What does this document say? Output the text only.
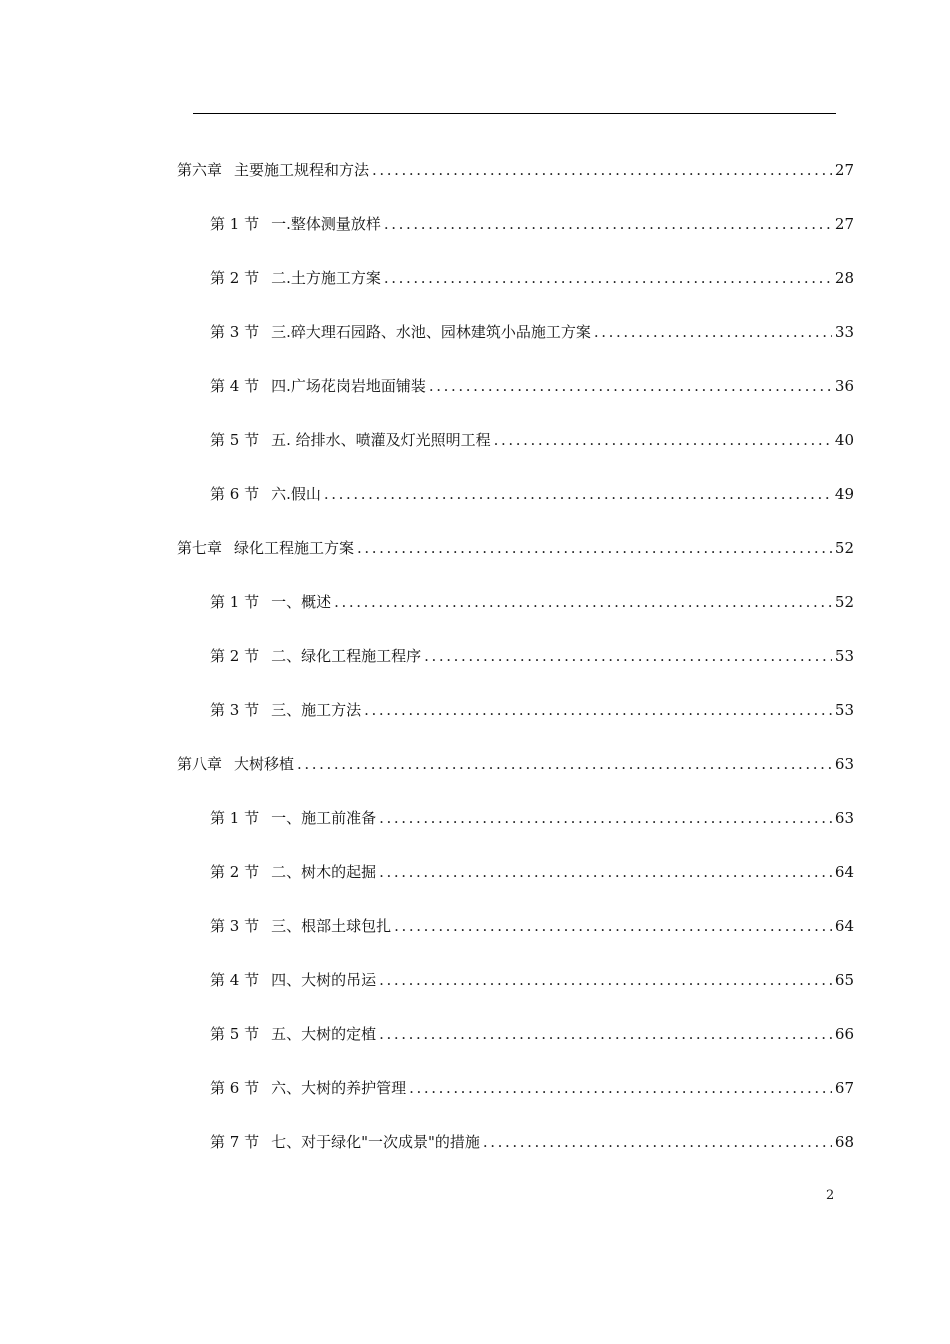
第六章 主要施工规程和方法 .....	27
第 1 节 一.整体测量放样 .....	27
第 2 节 二.土方施工方案 .....	28
第 3 节 三.碎大理石园路、水池、园林建筑小品施工方案 .....	33
第 4 节 四.广场花岗岩地面铺装 .....	36
第 5 节 五. 给排水、喷灌及灯光照明工程 .....	40
第 6 节 六.假山 .....	49
第七章 绿化工程施工方案 .....	52
第 1 节 一、概述 .....	52
第 2 节 二、绿化工程施工程序 .....	53
第 3 节 三、施工方法 .....	53
第八章 大树移植 .....	63
第 1 节 一、施工前准备 .....	63
第 2 节 二、树木的起掘 .....	64
第 3 节 三、根部土球包扎 .....	64
第 4 节 四、大树的吊运 .....	65
第 5 节 五、大树的定植 .....	66
第 6 节 六、大树的养护管理 .....	67
第 7 节 七、对于绿化"一次成景"的措施 .....	68
2
